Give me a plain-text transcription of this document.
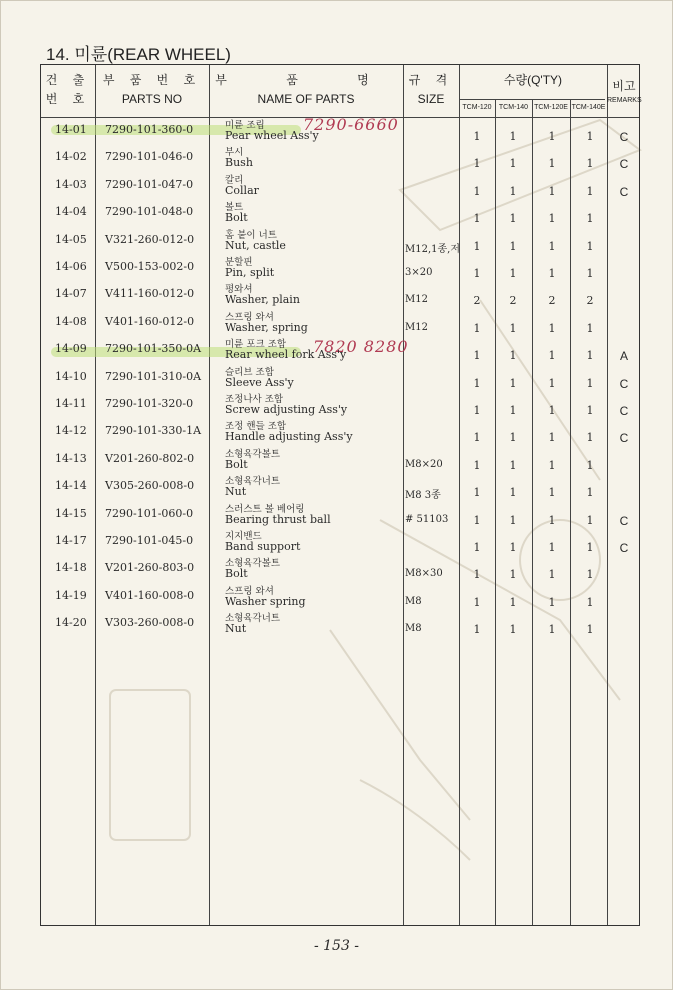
14. 미륜(REAR WHEEL)
건 출
번 호
부 품 번 호
PARTS NO
부 품 명
NAME OF PARTS
규 격
SIZE
수량(Q'TY)
TCM-120	TCM-140 TCM-120E TCM-140E
비고
REMARKS
7290-6660
7820 8280
14-01 7290-101-360-0	미륜 조립
Pear wheel Ass'y	1	1	1	1	C
14-02 7290-101-046-0	부시
Bush	1	1	1	1	C
14-03 7290-101-047-0	칼리
Collar	1	1	1	1	C
14-04 7290-101-048-0	볼트
Bolt	1	1	1	1
14-05 V321-260-012-0	홈 붙이 너트
Nut, castle	M12,1종,저	1	1	1	1
14-06 V500-153-002-0	분할핀
Pin, split	3×20	1	1	1	1
14-07 V411-160-012-0	평와셔
Washer, plain	M12	2	2	2	2
14-08 V401-160-012-0	스프링 와셔
Washer, spring	M12	1	1	1	1
14-09 7290-101-350-0A	미륜 포크 조합
Rear wheel fork Ass'y	1	1	1	1	A
14-10 7290-101-310-0A	슬리브 조합
Sleeve Ass'y	1	1	1	1	C
14-11 7290-101-320-0	조정나사 조합
Screw adjusting Ass'y	1	1	1	1	C
14-12 7290-101-330-1A	조정 핸들 조합
Handle adjusting Ass'y	1	1	1	1	C
14-13 V201-260-802-0	소형육각볼트
Bolt	M8×20	1	1	1	1
14-14 V305-260-008-0	소형육각너트
Nut	M8 3종	1	1	1	1
14-15 7290-101-060-0	스러스트 볼 베어링
Bearing thrust ball	# 51103	1	1	1	1	C
14-17 7290-101-045-0	지지밴드
Band support	1	1	1	1	C
14-18 V201-260-803-0	소형육각볼트
Bolt	M8×30	1	1	1	1
14-19 V401-160-008-0	스프링 와셔
Washer spring	M8	1	1	1	1
14-20 V303-260-008-0	소형육각너트
Nut	M8	1	1	1	1
- 153 -
